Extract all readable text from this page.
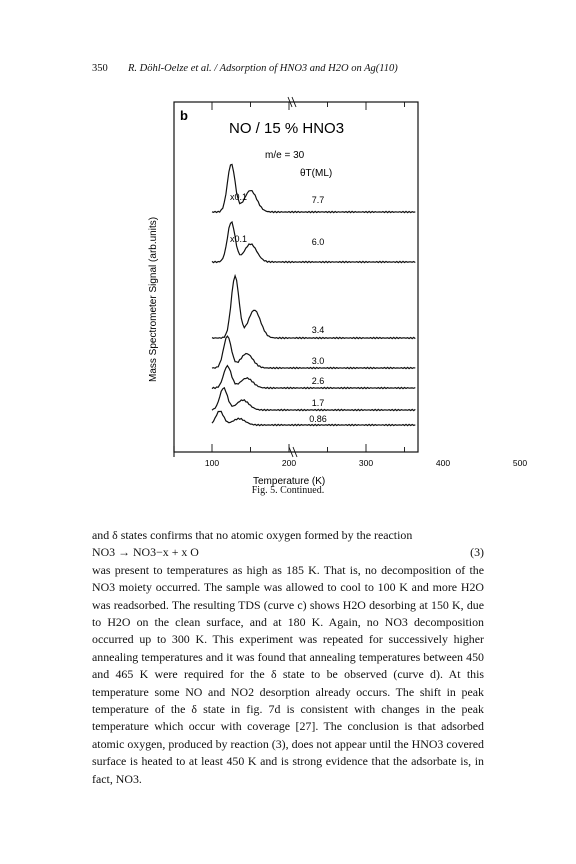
350 R. Döhl-Oelze et al. / Adsorption of HNO3 and H2O on Ag(110)
b
NO / 15 % HNO3
m/e = 30
θT(ML)
Mass Spectrometer Signal (arb.units)
100	200	300	400	500
Temperature (K)
7.7
x0.1
6.0
x0.1
3.4
3.0
2.6
1.7
0.86
Fig. 5. Continued.

and δ states confirms that no atomic oxygen formed by the reaction

NO3 → NO3−x + x O	(3)

was present to temperatures as high as 185 K. That is, no decomposition of the NO3 moiety occurred. The sample was allowed to cool to 100 K and more H2O was readsorbed. The resulting TDS (curve c) shows H2O desorbing at 150 K, due to H2O on the clean surface, and at 180 K. Again, no NO3 decomposition occurred up to 300 K. This experiment was repeated for successively higher annealing temperatures and it was found that annealing temperatures between 450 and 465 K were required for the δ state to be observed (curve d). At this temperature some NO and NO2 desorption already occurs. The shift in peak temperature of the δ state in fig. 7d is consistent with changes in the peak temperature which occur with coverage [27]. The conclusion is that adsorbed atomic oxygen, produced by reaction (3), does not appear until the HNO3 covered surface is heated to at least 450 K and is strong evidence that the adsorbate is, in fact, NO3.
